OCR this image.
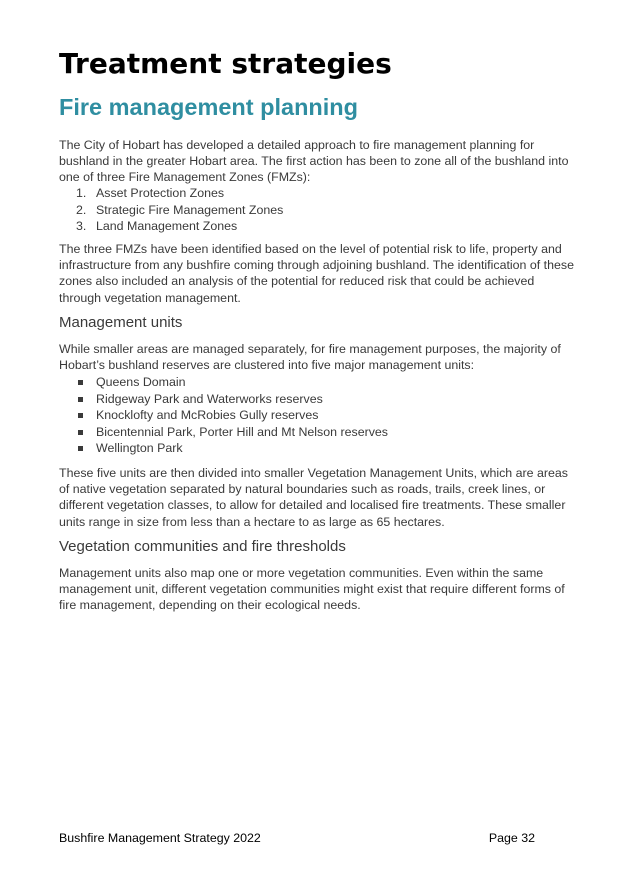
Treatment strategies
Fire management planning

The City of Hobart has developed a detailed approach to fire management planning for bushland in the greater Hobart area. The first action has been to zone all of the bushland into one of three Fire Management Zones (FMZs):

1. Asset Protection Zones
2. Strategic Fire Management Zones
3. Land Management Zones

The three FMZs have been identified based on the level of potential risk to life, property and infrastructure from any bushfire coming through adjoining bushland. The identification of these zones also included an analysis of the potential for reduced risk that could be achieved through vegetation management.

Management units

While smaller areas are managed separately, for fire management purposes, the majority of Hobart’s bushland reserves are clustered into five major management units:

Queens Domain
Ridgeway Park and Waterworks reserves
Knocklofty and McRobies Gully reserves
Bicentennial Park, Porter Hill and Mt Nelson reserves
Wellington Park

These five units are then divided into smaller Vegetation Management Units, which are areas of native vegetation separated by natural boundaries such as roads, trails, creek lines, or different vegetation classes, to allow for detailed and localised fire treatments. These smaller units range in size from less than a hectare to as large as 65 hectares.

Vegetation communities and fire thresholds

Management units also map one or more vegetation communities. Even within the same management unit, different vegetation communities might exist that require different forms of fire management, depending on their ecological needs.

Bushfire Management Strategy 2022	Page 32
